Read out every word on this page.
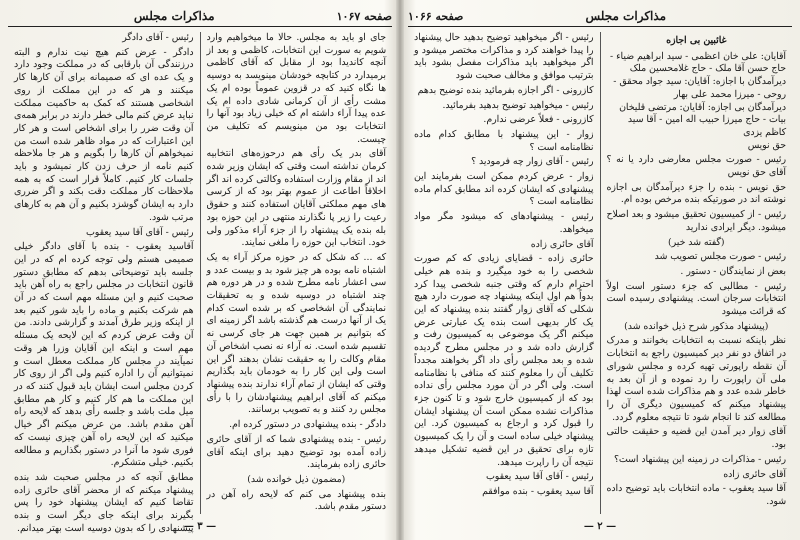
صفحه ۱۰۶۷
مذاکرات مجلس
جای او باید به مجلس. حالا ما میخواهیم وارد شویم به سورت این انتخابات، کاظمی و بعد از آنچه کاندیدا بود از مقابل که آقای کاظمی برمیدارد در کتابچه خودشان مینویسد به دوسیه ها نگاه کنید که در قزوین عموماً بوده ام یک مشت رأی از آن کرمانی شادی داده ام یک عده پیدا آراء داشته ام که خیلی زیاد بود آنها را انتخابات بود من مینویسم که تکلیف من چیست.
آقای بدر یک رأی هم درحوزه‌های انتخابیه کرمان نداشته است وقتی که ایشان وزیر شده اند از مقام وزارت استفاده وکالتی کرده اند اگر اخلاقاً اطاعت از عموم بهتر بود که از کرسی های مهم مملکتی آقایان استفاده کنند و حقوق رعیت را زیر پا نگذارند منتهی در این حوزه بود بله بنده یک پیشنهاد را از جزء آراء مذکور ولی خود. انتخاب این حوزه را ملغی نمایند.
که ... که شکل که در حوزه مرکز آراء به یک اشتباه نامه بوده هر چیز شود بد و بیست عدد و سی اعشار نامه مطرح شده و در هر دوره هم چند اشتباه در دوسیه شده و به تحقیقات نمایندگی آن اشخاصی که بر شده است کدام یک از آنها درست هم گذشته باشد اگر زمینه ای که بتوانیم بر همین جهت هر جای کرسی نه تقسیم شده است. نه آراء نه نصب اشخاص آن مقام وکالت را به حقیقت نشان بدهند اگر این است ولی این کار را به خودمان باید بگذاریم وقتی که ایشان از تمام آراء ندارند بنده پیشنهاد میکنم که آقای ابراهیم پیشنهادشان را با رأی مجلس رد کنند و به تصویب برسانند.
دادگر - بنده پیشنهادی در دستور کرده ام.
رئیس - بنده پیشنهادی شما که از آقای حائری زاده آمده بود توضیح دهید برای اینکه آقای حائری زاده بفرمایند.
(مضمون ذیل خوانده شد)
بنده پیشنهاد می کنم که لایحه راه آهن در دستور مقدم باشد.
رئیس - آقای دادگر
دادگر - عرض کنم هیچ نیت ندارم و البته درزنندگی آن بارقابی که در مملکت وجود دارد و یک عده ای که صمیمانه برای آن کارها کار میکنند و هر که در این مملکت از روی اشخاصی هستند که کمک به حاکمیت مملکت نباید عرض کنم مالی خطر دارند در برابر همه‌ی آن وقت ضرر را برای اشخاص است و هر کار این اعتبارات که در مواد ظاهر شده است من نمیخواهم آن کارها را بگویم و هر جا ملاحظه کنیم نامه از حرف زدن کار نمیشود و باید جلسات کار کنیم. کاملاً قرار است که به همه ملاحظات کار مملکت دقت بکند و اگر ضرری دارد به ایشان گوشزد بکنیم و آن هم به کارهای مرتب شود.
رئیس - آقای آقا سید یعقوب
آقاسید یعقوب - بنده با آقای دادگر خیلی صمیمی هستم ولی توجه کرده ام که در این جلسه باید توضیحاتی بدهم که مطابق دستور قانون انتخابات در مجلس راجع به راه آهن باید صحبت کنیم و این مسئله مهم است که در آن هم شرکت بکنیم و ماده را باید شور کنیم بعد از اینکه وزیر طرق آمدند و گزارشی دادند. من آن وقت عرض کردم که این لایحه یک مسئله مهم است و اینکه این آقایان وزرا هر وقت نمیآیند در مجلس کار مملکت معطل است و نمیتوانیم آن را اداره کنیم ولی اگر از روی کار کردن مجلس است ایشان باید قبول کنند که در این مملکت ما هم کار کنیم و کار هم مطابق میل ملت باشد و جلسه رأی بدهد که لایحه راه آهن مقدم باشد. من عرض میکنم اگر خیال میکنید که این لایحه راه آهن چیزی نیست که فوری شود ما آنرا در دستور بگذاریم و مطالعه بکنیم. خیلی متشکرم.
مطابق آنچه که در مجلس صحبت شد بنده پیشنهاد میکنم که از محضر آقای حائری زاده تقاضا کنیم که ایشان پیشنهاد خود را پس بگیرند برای اینکه جای دیگر است و بنده پیشنهادی را که بدون دوسیه است بهتر میدانم.
— ۳ —
مذاکرات مجلس
صفحه ۱۰۶۶
غائبین بی اجازه
آقایان: علی خان اعظمی - سید ابراهیم ضیاء - حاج حسن آقا ملک - حاج غلامحسین ملک
دیرآمدگان با اجازه: آقایان: سید جواد محقق - روحی - میرزا محمد علی بهار
دیرآمدگان بی اجازه: آقایان: مرتضی قلیخان بیات - حاج میرزا حبیب اله امین - آقا سید کاظم یزدی
حق نویس
رئیس - صورت مجلس معارضی دارد یا نه ؟ آقای حق نویس
حق نویس - بنده را جزء دیرآمدگان بی اجازه نوشته اند در صورتیکه بنده مرخص بوده ام.
رئیس - از کمیسیون تحقیق میشود و بعد اصلاح میشود. دیگر ایرادی ندارید
(گفته شد خیر)
رئیس - صورت مجلس تصویب شد
بعض از نمایندگان - دستور .
رئیس - مطالبی که جزء دستور است اولاً انتخابات سرجان است. پیشنهادی رسیده است که قرائت میشود
(پیشنهاد مذکور شرح ذیل خوانده شد)
نظر باینکه نسبت به انتخابات بخوانند و مدرک در اتفاق دو نفر دیر کمیسیون راجع به انتخابات آن نقطه راپورتی تهیه کرده و مجلس شورای ملی آن راپورت را رد نموده و از آن بعد به خاطر شده عدد و هم مذاکرات شده است لهذا پیشنهاد میکنم که کمیسیون دیگری آن را مطالعه کند تا انجام شود تا نتیجه معلوم گردد.
آقای زوار دیر آمدن این قضیه و حقیقت حالتی بود.
رئیس - مذاکرات در زمینه این پیشنهاد است؟
آقای حائری زاده
آقا سید یعقوب - ماده انتخابات باید توضیح داده شود.
رئیس - اگر میخواهید توضیح بدهید حال پیشنهاد را پیدا خواهند کرد و مذاکرات مختصر میشود و اگر میخواهید باید مذاکرات مفصل بشود باید بترتیب موافق و مخالف صحبت شود
کازرونی - اگر اجازه بفرمائید بنده توضیح بدهم
رئیس - میخواهید توضیح بدهید بفرمائید.
کازرونی - فعلاً عرضی ندارم.
زوار - این پیشنهاد با مطابق کدام ماده نظامنامه است ؟
رئیس - آقای زوار چه فرمودید ؟
زوار - عرض کردم ممکن است بفرمایند این پیشنهادی که ایشان کرده اند مطابق کدام ماده نظامنامه است ؟
رئیس - پیشنهادهای که میشود مگر مواد میخواهد.
آقای حائری زاده
حائری زاده - قضایای زیادی که کم صورت شخصی را به خود میگیرد و بنده هم خیلی احترام دارم که وقتی جنبه شخصی پیدا کرد بدواً هم اول اینکه پیشنهاد چه صورت دارد هیچ شکلی که آقای زوار گفتند بنده پیشنهاد که این یک کار بدیهی است بنده یک عبارتی عرض میکنم اگر یک موضوعی به کمیسیون رفت و گزارش داده شد و در مجلس مطرح گردیده شده و بعد مجلس رأی داد اگر بخواهند مجدداً تکلیف آن را معلوم کنند که منافی با نظامنامه است. ولی اگر در آن مورد مجلس رأی نداده بود که از کمیسیون خارج شود و تا کنون جزء مذاکرات نشده ممکن است آن پیشنهاد ایشان را قبول کرد و ارجاع به کمیسیون کرد. این پیشنهاد خیلی ساده است و آن را یک کمیسیون تازه برای تحقیق در این قضیه تشکیل میدهد نتیجه آن را راپرت میدهد.
رئیس - آقای آقا سید یعقوب
آقا سید یعقوب - بنده موافقم
— ۲ —
